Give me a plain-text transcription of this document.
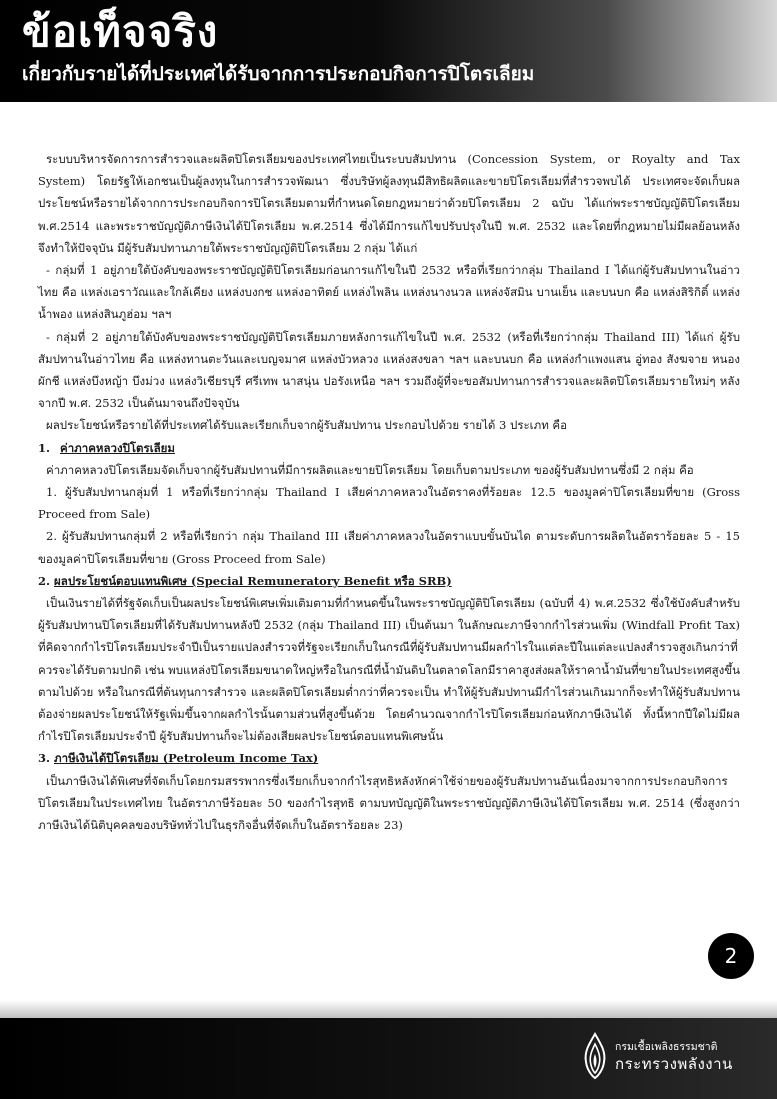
ข้อเท็จจริง
เกี่ยวกับรายได้ที่ประเทศได้รับจากการประกอบกิจการปิโตรเลียม

ระบบบริหารจัดการการสำรวจและผลิตปิโตรเลียมของประเทศไทยเป็นระบบสัมปทาน (Concession System, or Royalty and Tax System) โดยรัฐให้เอกชนเป็นผู้ลงทุนในการสำรวจพัฒนา ซึ่งบริษัทผู้ลงทุนมีสิทธิผลิตและขายปิโตรเลียมที่สำรวจพบได้ ประเทศจะจัดเก็บผลประโยชน์หรือรายได้จากการประกอบกิจการปิโตรเลียมตามที่กำหนดโดยกฎหมายว่าด้วยปิโตรเลียม 2 ฉบับ ได้แก่พระราชบัญญัติปิโตรเลียม พ.ศ.2514 และพระราชบัญญัติภาษีเงินได้ปิโตรเลียม พ.ศ.2514 ซึ่งได้มีการแก้ไขปรับปรุงในปี พ.ศ. 2532 และโดยที่กฎหมายไม่มีผลย้อนหลัง จึงทำให้ปัจจุบัน มีผู้รับสัมปทานภายใต้พระราชบัญญัติปิโตรเลียม 2 กลุ่ม ได้แก่

- กลุ่มที่ 1 อยู่ภายใต้บังคับของพระราชบัญญัติปิโตรเลียมก่อนการแก้ไขในปี 2532 หรือที่เรียกว่ากลุ่ม Thailand I ได้แก่ผู้รับสัมปทานในอ่าวไทย คือ แหล่งเอราวัณและใกล้เคียง แหล่งบงกช แหล่งอาทิตย์ แหล่งไพลิน แหล่งนางนวล แหล่งจัสมิน บานเย็น และบนบก คือ แหล่งสิริกิติ์ แหล่งน้ำพอง แหล่งสินภูฮ่อม ฯลฯ

- กลุ่มที่ 2 อยู่ภายใต้บังคับของพระราชบัญญัติปิโตรเลียมภายหลังการแก้ไขในปี พ.ศ. 2532 (หรือที่เรียกว่ากลุ่ม Thailand III) ได้แก่ ผู้รับสัมปทานในอ่าวไทย คือ แหล่งทานตะวันและเบญจมาศ แหล่งบัวหลวง แหล่งสงขลา ฯลฯ และบนบก คือ แหล่งกำแพงแสน อู่ทอง สังฆจาย หนองผักชี แหล่งบึงหญ้า บึงม่วง แหล่งวิเชียรบุรี ศรีเทพ นาสนุ่น ปอรังเหนือ ฯลฯ รวมถึงผู้ที่จะขอสัมปทานการสำรวจและผลิตปิโตรเลียมรายใหม่ๆ หลังจากปี พ.ศ. 2532 เป็นต้นมาจนถึงปัจจุบัน

ผลประโยชน์หรือรายได้ที่ประเทศได้รับและเรียกเก็บจากผู้รับสัมปทาน ประกอบไปด้วย รายได้ 3 ประเภท คือ

1. ค่าภาคหลวงปิโตรเลียม

ค่าภาคหลวงปิโตรเลียมจัดเก็บจากผู้รับสัมปทานที่มีการผลิตและขายปิโตรเลียม โดยเก็บตามประเภท ของผู้รับสัมปทานซึ่งมี 2 กลุ่ม คือ

1. ผู้รับสัมปทานกลุ่มที่ 1 หรือที่เรียกว่ากลุ่ม Thailand I เสียค่าภาคหลวงในอัตราคงที่ร้อยละ 12.5 ของมูลค่าปิโตรเลียมที่ขาย (Gross Proceed from Sale)

2. ผู้รับสัมปทานกลุ่มที่ 2 หรือที่เรียกว่า กลุ่ม Thailand III เสียค่าภาคหลวงในอัตราแบบขั้นบันได ตามระดับการผลิตในอัตราร้อยละ 5 - 15 ของมูลค่าปิโตรเลียมที่ขาย (Gross Proceed from Sale)

2. ผลประโยชน์ตอบแทนพิเศษ (Special Remuneratory Benefit หรือ SRB)

เป็นเงินรายได้ที่รัฐจัดเก็บเป็นผลประโยชน์พิเศษเพิ่มเติมตามที่กำหนดขึ้นในพระราชบัญญัติปิโตรเลียม (ฉบับที่ 4) พ.ศ.2532 ซึ่งใช้บังคับสำหรับผู้รับสัมปทานปิโตรเลียมที่ได้รับสัมปทานหลังปี 2532 (กลุ่ม Thailand III) เป็นต้นมา ในลักษณะภาษีจากกำไรส่วนเพิ่ม (Windfall Profit Tax) ที่คิดจากกำไรปิโตรเลียมประจำปีเป็นรายแปลงสำรวจที่รัฐจะเรียกเก็บในกรณีที่ผู้รับสัมปทานมีผลกำไรในแต่ละปีในแต่ละแปลงสำรวจสูงเกินกว่าที่ควรจะได้รับตามปกติ เช่น พบแหล่งปิโตรเลียมขนาดใหญ่หรือในกรณีที่น้ำมันดิบในตลาดโลกมีราคาสูงส่งผลให้ราคาน้ำมันที่ขายในประเทศสูงขึ้นตามไปด้วย หรือในกรณีที่ต้นทุนการสำรวจ และผลิตปิโตรเลียมต่ำกว่าที่ควรจะเป็น ทำให้ผู้รับสัมปทานมีกำไรส่วนเกินมากก็จะทำให้ผู้รับสัมปทานต้องจ่ายผลประโยชน์ให้รัฐเพิ่มขึ้นจากผลกำไรนั้นตามส่วนที่สูงขึ้นด้วย โดยคำนวณจากกำไรปิโตรเลียมก่อนหักภาษีเงินได้ ทั้งนี้หากปีใดไม่มีผลกำไรปิโตรเลียมประจำปี ผู้รับสัมปทานก็จะไม่ต้องเสียผลประโยชน์ตอบแทนพิเศษนั้น

3. ภาษีเงินได้ปิโตรเลียม (Petroleum Income Tax)

เป็นภาษีเงินได้พิเศษที่จัดเก็บโดยกรมสรรพากรซึ่งเรียกเก็บจากกำไรสุทธิหลังหักค่าใช้จ่ายของผู้รับสัมปทานอันเนื่องมาจากการประกอบกิจการปิโตรเลียมในประเทศไทย ในอัตราภาษีร้อยละ 50 ของกำไรสุทธิ ตามบทบัญญัติในพระราชบัญญัติภาษีเงินได้ปิโตรเลียม พ.ศ. 2514 (ซึ่งสูงกว่าภาษีเงินได้นิติบุคคลของบริษัททั่วไปในธุรกิจอื่นที่จัดเก็บในอัตราร้อยละ 23)

2
กรมเชื้อเพลิงธรรมชาติ
กระทรวงพลังงาน
